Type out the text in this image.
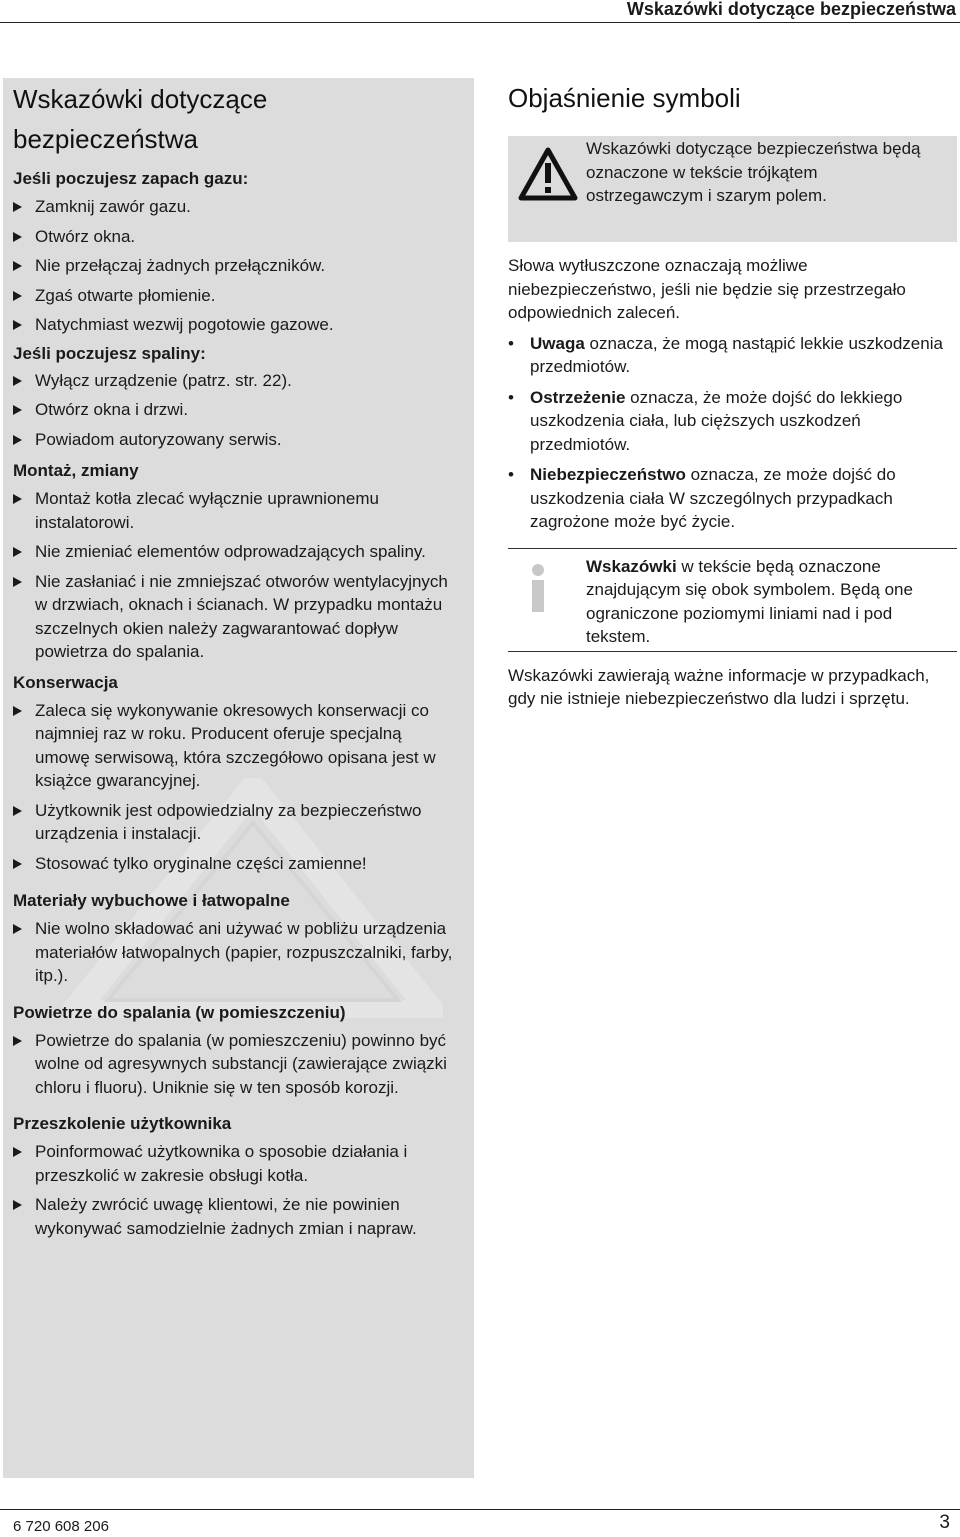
Wskazówki dotyczące bezpieczeństwa
Wskazówki dotyczące
bezpieczeństwa
Jeśli poczujesz zapach gazu:
Zamknij zawór gazu.
Otwórz okna.
Nie przełączaj żadnych przełączników.
Zgaś otwarte płomienie.
Natychmiast wezwij pogotowie gazowe.
Jeśli poczujesz spaliny:
Wyłącz urządzenie (patrz. str. 22).
Otwórz okna i drzwi.
Powiadom autoryzowany serwis.
Montaż, zmiany
Montaż kotła zlecać wyłącznie uprawnionemu instalatorowi.
Nie zmieniać elementów odprowadzających spaliny.
Nie zasłaniać i nie zmniejszać otworów wentylacyjnych w drzwiach, oknach i ścianach. W przypadku montażu szczelnych okien należy zagwarantować dopływ powietrza do spalania.
Konserwacja
Zaleca się wykonywanie okresowych konserwacji co najmniej raz w roku. Producent oferuje specjalną umowę serwisową, która szczegółowo opisana jest w książce gwarancyjnej.
Użytkownik jest odpowiedzialny za bezpieczeństwo urządzenia i instalacji.
Stosować tylko oryginalne części zamienne!
Materiały wybuchowe i łatwopalne
Nie wolno składować ani używać w pobliżu urządzenia materiałów łatwopalnych (papier, rozpuszczalniki, farby, itp.).
Powietrze do spalania (w pomieszczeniu)
Powietrze do spalania (w pomieszczeniu) powinno być wolne od agresywnych substancji (zawierające związki chloru i fluoru). Uniknie się w ten sposób korozji.
Przeszkolenie użytkownika
Poinformować użytkownika o sposobie działania i przeszkolić w zakresie obsługi kotła.
Należy zwrócić uwagę klientowi, że nie powinien wykonywać samodzielnie żadnych zmian i napraw.
Objaśnienie symboli
Wskazówki dotyczące bezpieczeństwa będą oznaczone w tekście trójkątem ostrzegawczym i szarym polem.
Słowa wytłuszczone oznaczają możliwe niebezpieczeństwo, jeśli nie będzie się przestrzegało odpowiednich zaleceń.
• Uwaga oznacza, że mogą nastąpić lekkie uszkodzenia przedmiotów.
• Ostrzeżenie oznacza, że może dojść do lekkiego uszkodzenia ciała, lub cięższych uszkodzeń przedmiotów.
• Niebezpieczeństwo oznacza, ze może dojść do uszkodzenia ciała W szczególnych przypadkach zagrożone może być życie.
Wskazówki w tekście będą oznaczone znajdującym się obok symbolem. Będą one ograniczone poziomymi liniami nad i pod tekstem.
Wskazówki zawierają ważne informacje w przypadkach, gdy nie istnieje niebezpieczeństwo dla ludzi i sprzętu.
6 720 608 206	3
